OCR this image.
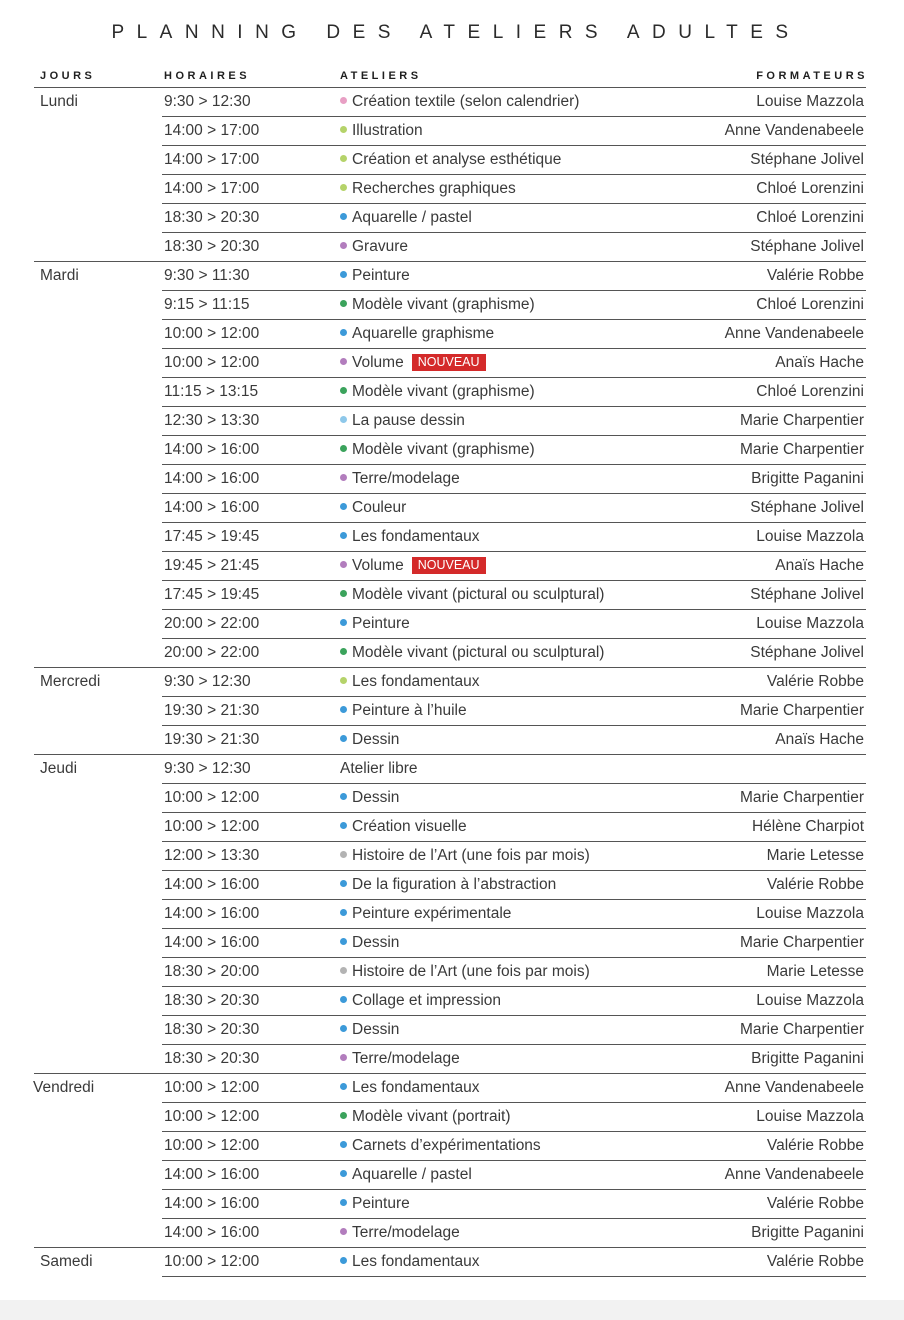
PLANNING DES ATELIERS ADULTES
JOURS	HORAIRES	ATELIERS	FORMATEURS
Lundi	9:30 > 12:30	Création textile (selon calendrier)	Louise Mazzola
14:00 > 17:00	Illustration	Anne Vandenabeele
14:00 > 17:00	Création et analyse esthétique	Stéphane Jolivel
14:00 > 17:00	Recherches graphiques	Chloé Lorenzini
18:30 > 20:30	Aquarelle / pastel	Chloé Lorenzini
18:30 > 20:30	Gravure	Stéphane Jolivel
Mardi	9:30 > 11:30	Peinture	Valérie Robbe
9:15 > 11:15	Modèle vivant (graphisme)	Chloé Lorenzini
10:00 > 12:00	Aquarelle graphisme	Anne Vandenabeele
10:00 > 12:00	Volume NOUVEAU	Anaïs Hache
11:15 > 13:15	Modèle vivant (graphisme)	Chloé Lorenzini
12:30 > 13:30	La pause dessin	Marie Charpentier
14:00 > 16:00	Modèle vivant (graphisme)	Marie Charpentier
14:00 > 16:00	Terre/modelage	Brigitte Paganini
14:00 > 16:00	Couleur	Stéphane Jolivel
17:45 > 19:45	Les fondamentaux	Louise Mazzola
19:45 > 21:45	Volume NOUVEAU	Anaïs Hache
17:45 > 19:45	Modèle vivant (pictural ou sculptural)	Stéphane Jolivel
20:00 > 22:00	Peinture	Louise Mazzola
20:00 > 22:00	Modèle vivant (pictural ou sculptural)	Stéphane Jolivel
Mercredi	9:30 > 12:30	Les fondamentaux	Valérie Robbe
19:30 > 21:30	Peinture à l’huile	Marie Charpentier
19:30 > 21:30	Dessin	Anaïs Hache
Jeudi	9:30 > 12:30	Atelier libre
10:00 > 12:00	Dessin	Marie Charpentier
10:00 > 12:00	Création visuelle	Hélène Charpiot
12:00 > 13:30	Histoire de l’Art (une fois par mois)	Marie Letesse
14:00 > 16:00	De la figuration à l’abstraction	Valérie Robbe
14:00 > 16:00	Peinture expérimentale	Louise Mazzola
14:00 > 16:00	Dessin	Marie Charpentier
18:30 > 20:00	Histoire de l’Art (une fois par mois)	Marie Letesse
18:30 > 20:30	Collage et impression	Louise Mazzola
18:30 > 20:30	Dessin	Marie Charpentier
18:30 > 20:30	Terre/modelage	Brigitte Paganini
Vendredi	10:00 > 12:00	Les fondamentaux	Anne Vandenabeele
10:00 > 12:00	Modèle vivant (portrait)	Louise Mazzola
10:00 > 12:00	Carnets d’expérimentations	Valérie Robbe
14:00 > 16:00	Aquarelle / pastel	Anne Vandenabeele
14:00 > 16:00	Peinture	Valérie Robbe
14:00 > 16:00	Terre/modelage	Brigitte Paganini
Samedi	10:00 > 12:00	Les fondamentaux	Valérie Robbe
